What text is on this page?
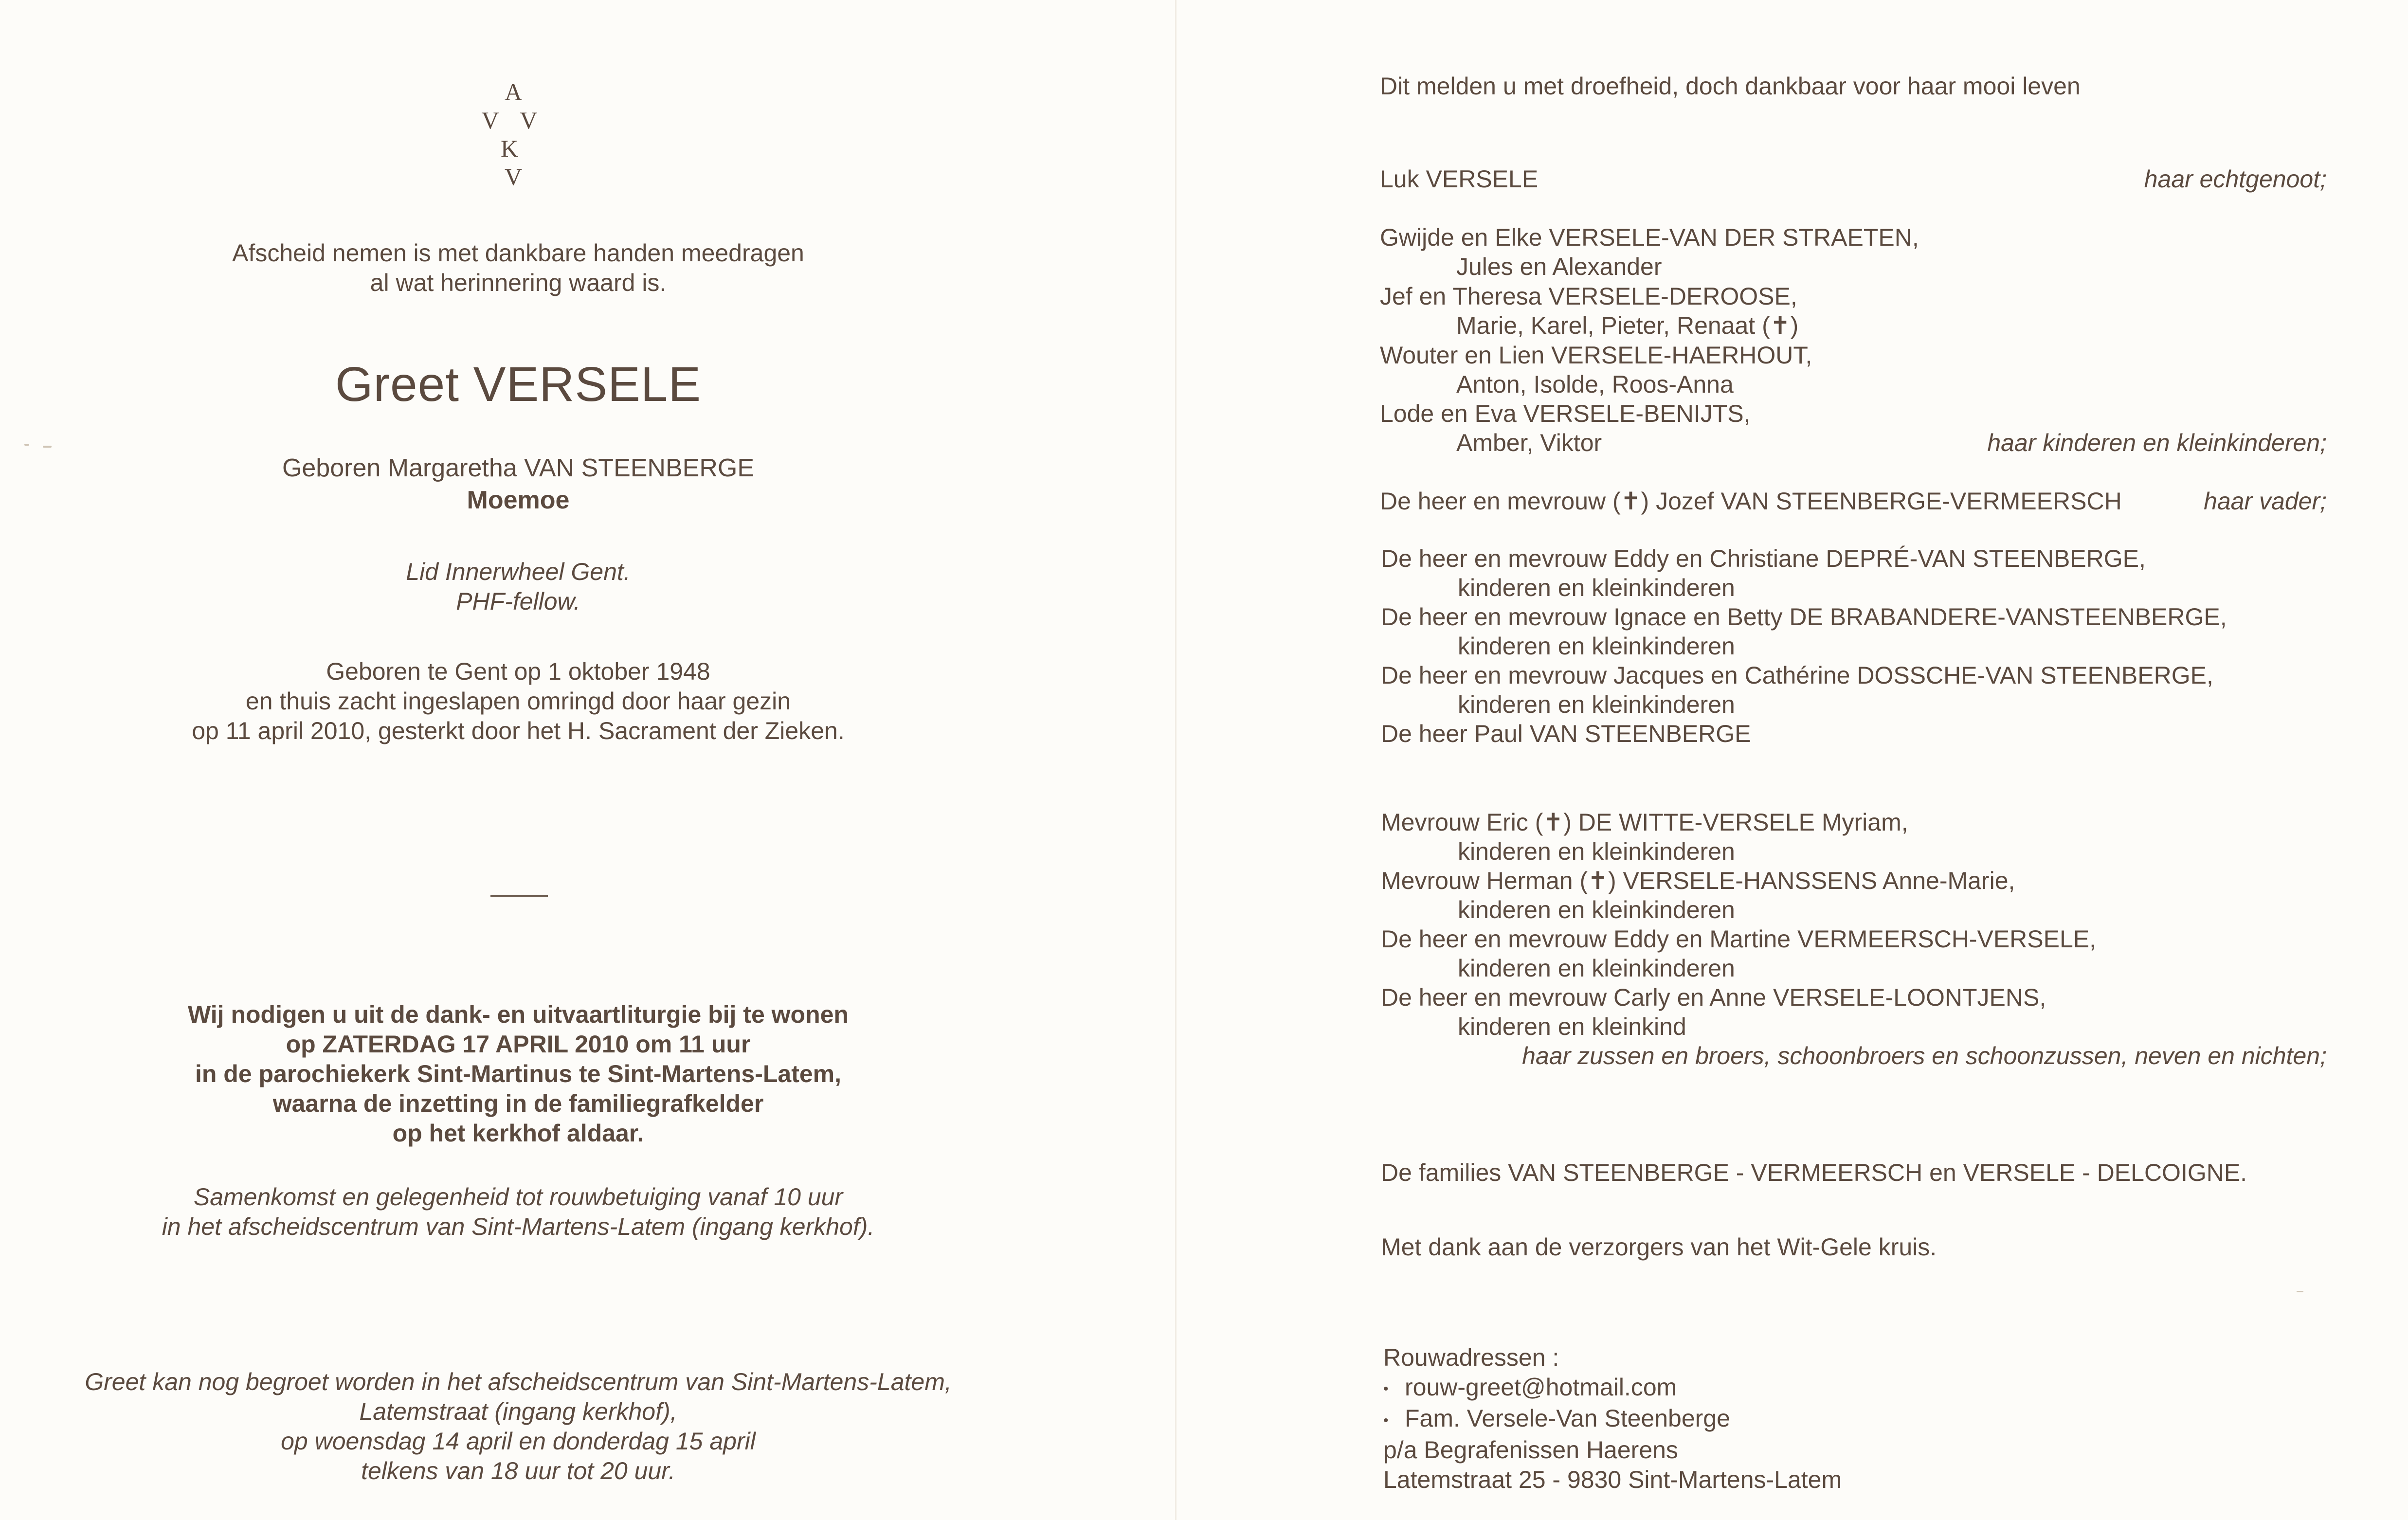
A
V V K
V
Afscheid nemen is met dankbare handen meedragen
al wat herinnering waard is.
Greet VERSELE
Geboren Margaretha VAN STEENBERGE
Moemoe
Lid Innerwheel Gent.
PHF-fellow.
Geboren te Gent op 1 oktober 1948
en thuis zacht ingeslapen omringd door haar gezin
op 11 april 2010, gesterkt door het H. Sacrament der Zieken.
Wij nodigen u uit de dank- en uitvaartliturgie bij te wonen
op ZATERDAG 17 APRIL 2010 om 11 uur
in de parochiekerk Sint-Martinus te Sint-Martens-Latem,
waarna de inzetting in de familiegrafkelder
op het kerkhof aldaar.
Samenkomst en gelegenheid tot rouwbetuiging vanaf 10 uur
in het afscheidscentrum van Sint-Martens-Latem (ingang kerkhof).
Greet kan nog begroet worden in het afscheidscentrum van Sint-Martens-Latem,
Latemstraat (ingang kerkhof),
op woensdag 14 april en donderdag 15 april
telkens van 18 uur tot 20 uur.
Dit melden u met droefheid, doch dankbaar voor haar mooi leven
Luk VERSELE	haar echtgenoot;
Gwijde en Elke VERSELE-VAN DER STRAETEN,
Jules en Alexander
Jef en Theresa VERSELE-DEROOSE,
Marie, Karel, Pieter, Renaat (✝)
Wouter en Lien VERSELE-HAERHOUT,
Anton, Isolde, Roos-Anna
Lode en Eva VERSELE-BENIJTS,
Amber, Viktor	haar kinderen en kleinkinderen;
De heer en mevrouw (✝) Jozef VAN STEENBERGE-VERMEERSCH	haar vader;
De heer en mevrouw Eddy en Christiane DEPRÉ-VAN STEENBERGE,
kinderen en kleinkinderen
De heer en mevrouw Ignace en Betty DE BRABANDERE-VANSTEENBERGE,
kinderen en kleinkinderen
De heer en mevrouw Jacques en Cathérine DOSSCHE-VAN STEENBERGE,
kinderen en kleinkinderen
De heer Paul VAN STEENBERGE
Mevrouw Eric (✝) DE WITTE-VERSELE Myriam,
kinderen en kleinkinderen
Mevrouw Herman (✝) VERSELE-HANSSENS Anne-Marie,
kinderen en kleinkinderen
De heer en mevrouw Eddy en Martine VERMEERSCH-VERSELE,
kinderen en kleinkinderen
De heer en mevrouw Carly en Anne VERSELE-LOONTJENS,
kinderen en kleinkind
haar zussen en broers, schoonbroers en schoonzussen, neven en nichten;
De families VAN STEENBERGE - VERMEERSCH en VERSELE - DELCOIGNE.
Met dank aan de verzorgers van het Wit-Gele kruis.
Rouwadressen :
• rouw-greet@hotmail.com
• Fam. Versele-Van Steenberge
p/a Begrafenissen Haerens
Latemstraat 25 - 9830 Sint-Martens-Latem
